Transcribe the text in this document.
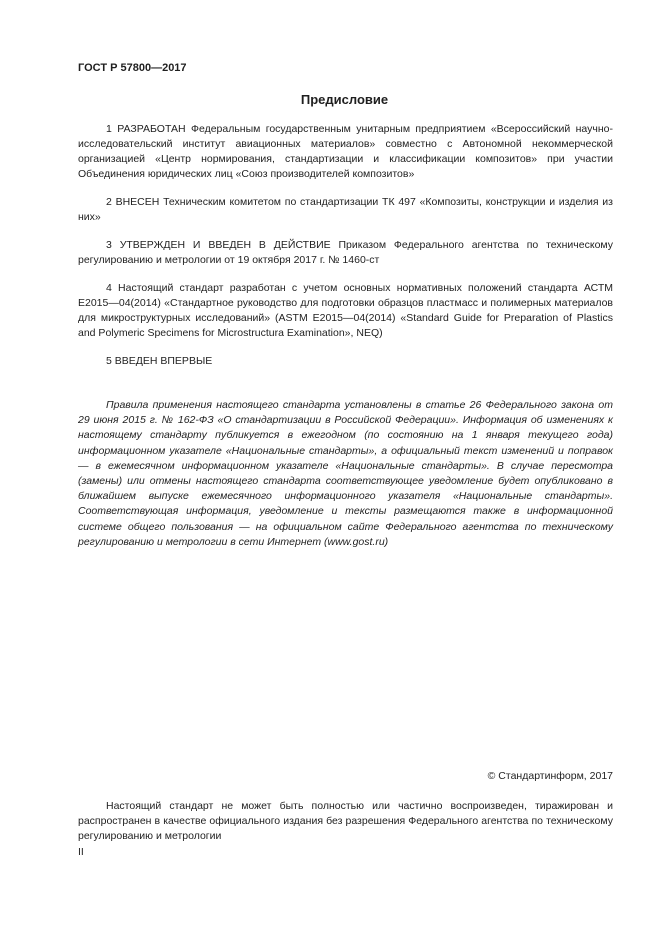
ГОСТ Р 57800—2017
Предисловие

1 РАЗРАБОТАН Федеральным государственным унитарным предприятием «Всероссийский научно-исследовательский институт авиационных материалов» совместно с Автономной некоммерческой организацией «Центр нормирования, стандартизации и классификации композитов» при участии Объединения юридических лиц «Союз производителей композитов»

2 ВНЕСЕН Техническим комитетом по стандартизации ТК 497 «Композиты, конструкции и изделия из них»

3 УТВЕРЖДЕН И ВВЕДЕН В ДЕЙСТВИЕ Приказом Федерального агентства по техническому регулированию и метрологии от 19 октября 2017 г. № 1460-ст

4 Настоящий стандарт разработан с учетом основных нормативных положений стандарта АСТМ Е2015—04(2014) «Стандартное руководство для подготовки образцов пластмасс и полимерных материалов для микроструктурных исследований» (ASTM E2015—04(2014) «Standard Guide for Preparation of Plastics and Polymeric Specimens for Microstructura Examination», NEQ)

5 ВВЕДЕН ВПЕРВЫЕ

Правила применения настоящего стандарта установлены в статье 26 Федерального закона от 29 июня 2015 г. № 162-ФЗ «О стандартизации в Российской Федерации». Информация об изменениях к настоящему стандарту публикуется в ежегодном (по состоянию на 1 января текущего года) информационном указателе «Национальные стандарты», а официальный текст изменений и поправок — в ежемесячном информационном указателе «Национальные стандарты». В случае пересмотра (замены) или отмены настоящего стандарта соответствующее уведомление будет опубликовано в ближайшем выпуске ежемесячного информационного указателя «Национальные стандарты». Соответствующая информация, уведомление и тексты размещаются также в информационной системе общего пользования — на официальном сайте Федерального агентства по техническому регулированию и метрологии в сети Интернет (www.gost.ru)

© Стандартинформ, 2017

Настоящий стандарт не может быть полностью или частично воспроизведен, тиражирован и распространен в качестве официального издания без разрешения Федерального агентства по техническому регулированию и метрологии

II
